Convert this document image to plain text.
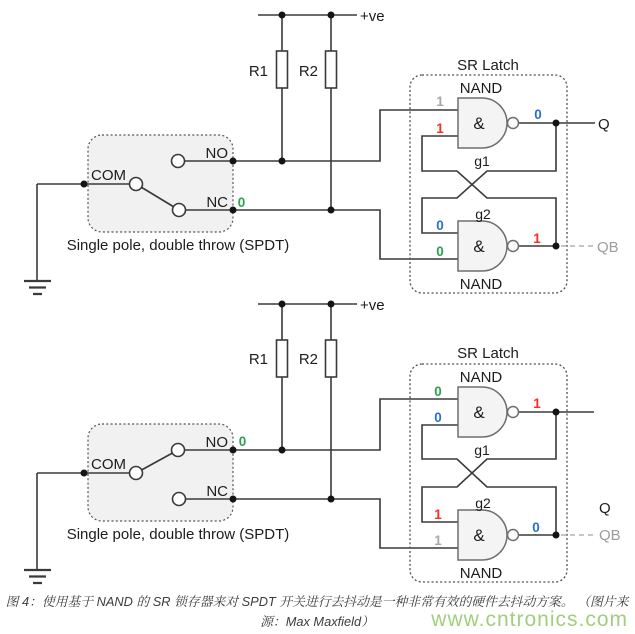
R1 R2
+ve
COM
NO
NC 0
Single pole, double throw (SPDT)
SR Latch
NAND
NAND
&
&
g1
g2
1
1
0
0
0
1
Q
QB
R1 R2
+ve
COM
NO
NC
0
Single pole, double throw (SPDT)
SR Latch
NAND
NAND
&
&
g1
g2
0
0
1
1
1
0
Q
QB
www.cntronics.com
图 4：使用基于 NAND 的 SR 锁存器来对 SPDT 开关进行去抖动是一种非常有效的硬件去抖动方案。 （图片来
源：Max Maxfield）
